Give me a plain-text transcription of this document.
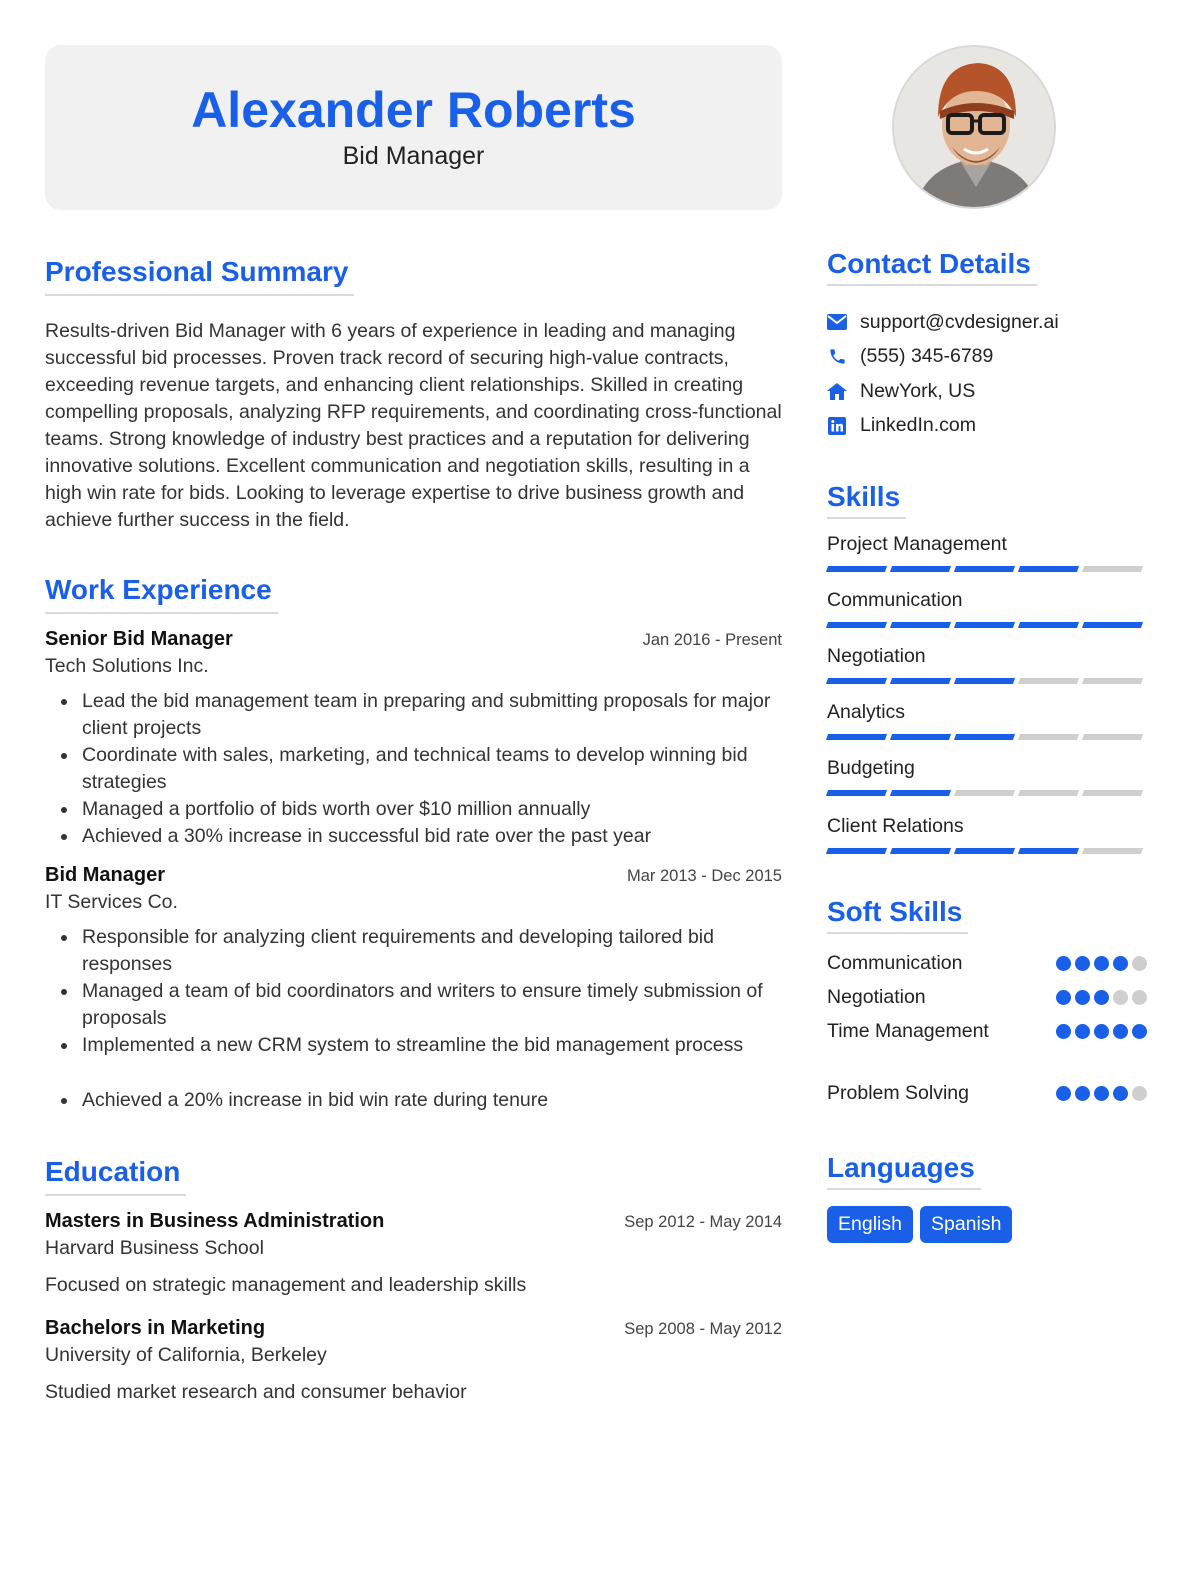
Alexander Roberts
Bid Manager
Professional Summary

Results-driven Bid Manager with 6 years of experience in leading and managing successful bid processes. Proven track record of securing high-value contracts, exceeding revenue targets, and enhancing client relationships. Skilled in creating compelling proposals, analyzing RFP requirements, and coordinating cross-functional teams. Strong knowledge of industry best practices and a reputation for delivering innovative solutions. Excellent communication and negotiation skills, resulting in a high win rate for bids. Looking to leverage expertise to drive business growth and achieve further success in the field.

Work Experience
Senior Bid Manager	Jan 2016 - Present
Tech Solutions Inc.
Lead the bid management team in preparing and submitting proposals for major client projects
Coordinate with sales, marketing, and technical teams to develop winning bid strategies
Managed a portfolio of bids worth over $10 million annually
Achieved a 30% increase in successful bid rate over the past year
Bid Manager	Mar 2013 - Dec 2015
IT Services Co.
Responsible for analyzing client requirements and developing tailored bid responses
Managed a team of bid coordinators and writers to ensure timely submission of proposals
Implemented a new CRM system to streamline the bid management process
Achieved a 20% increase in bid win rate during tenure
Education
Masters in Business Administration	Sep 2012 - May 2014
Harvard Business School
Focused on strategic management and leadership skills
Bachelors in Marketing	Sep 2008 - May 2012
University of California, Berkeley
Studied market research and consumer behavior
Contact Details
support@cvdesigner.ai
(555) 345-6789
NewYork, US
LinkedIn.com
Skills
Project Management
Communication
Negotiation
Analytics
Budgeting
Client Relations
Soft Skills
Communication
Negotiation
Time Management
Problem Solving
Languages
English	Spanish
